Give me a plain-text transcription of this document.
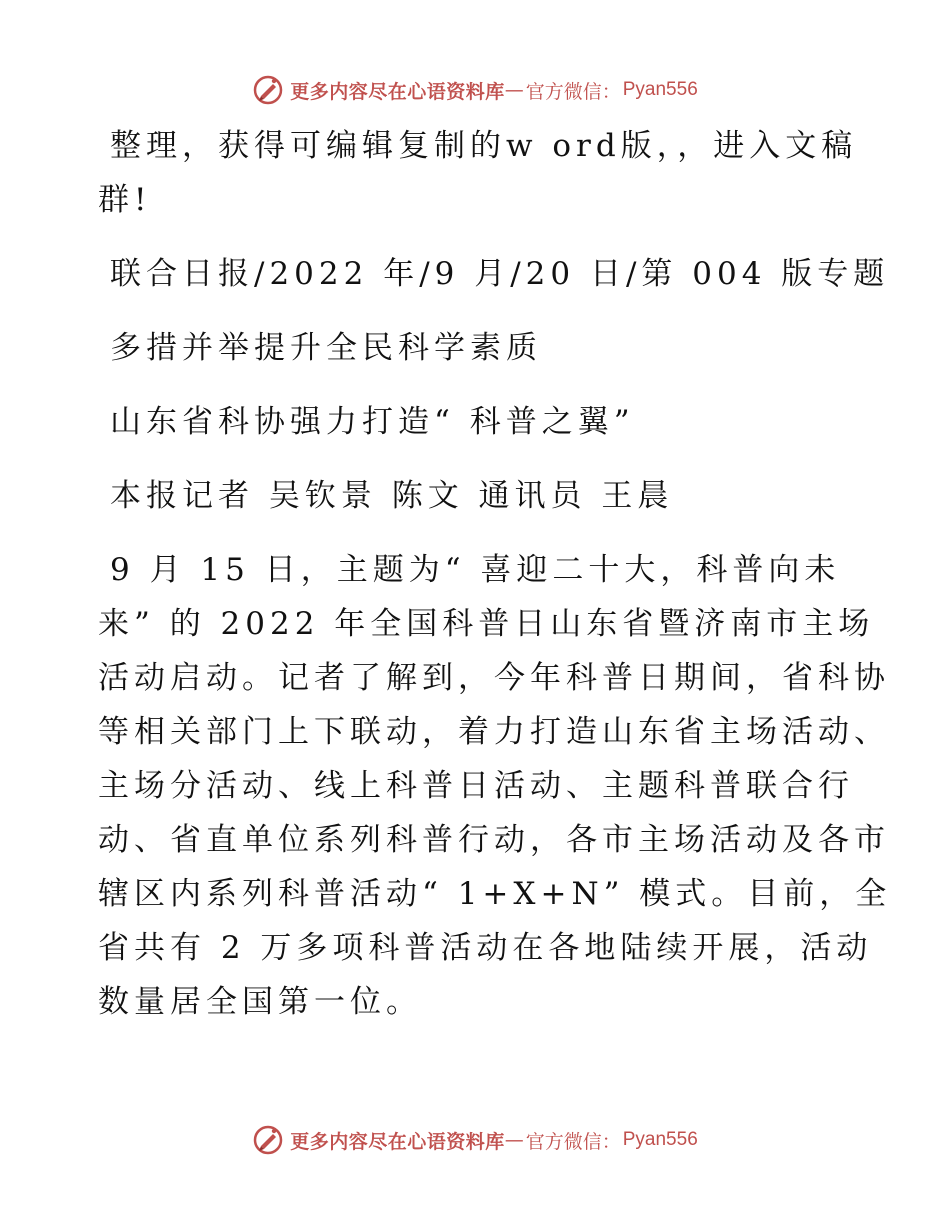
更多内容尽在心语资料库 — 官方微信： Pyan556
整理，获得可编辑复制的w ord版，，进入文稿
群!
联合日报/2022 年/9 月/20 日/第 004 版专题
多措并举提升全民科学素质
山东省科协强力打造“ 科普之翼”
本报记者 吴钦景 陈文 通讯员 王晨
9 月 15 日，主题为“ 喜迎二十大，科普向未
来” 的 2022 年全国科普日山东省暨济南市主场
活动启动。记者了解到，今年科普日期间，省科协
等相关部门上下联动，着力打造山东省主场活动、
主场分活动、线上科普日活动、主题科普联合行
动、省直单位系列科普行动，各市主场活动及各市
辖区内系列科普活动“ 1+X+N” 模式。目前，全
省共有 2 万多项科普活动在各地陆续开展，活动
数量居全国第一位。
更多内容尽在心语资料库 — 官方微信： Pyan556
